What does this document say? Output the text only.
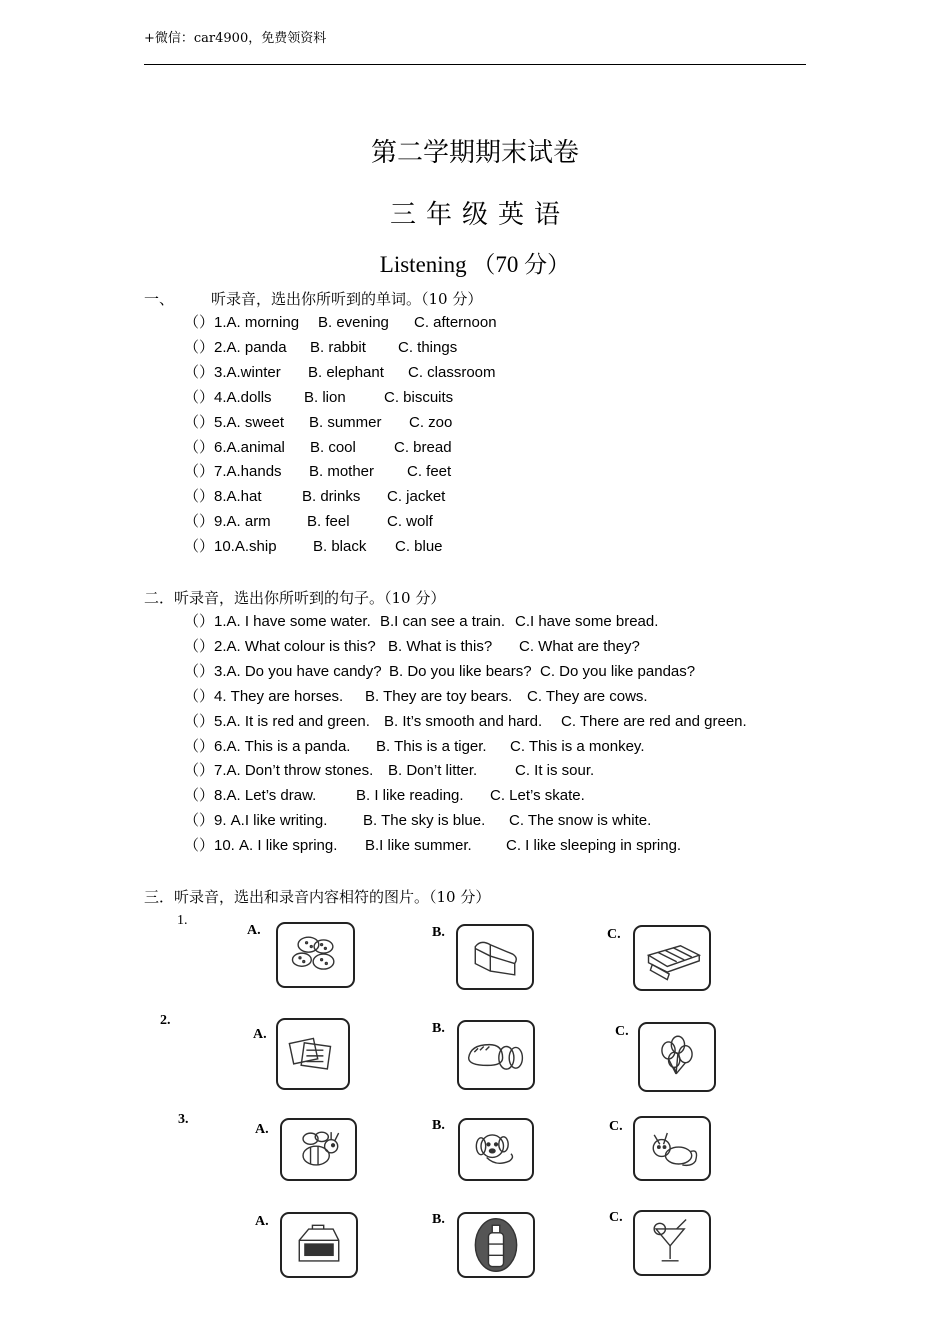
+微信：car4900，免费领资料
第二学期期末试卷
三年级英语
Listening （70 分）
一、 听录音，选出你所听到的单词。（10 分）
（）1.A. morning B. evening C. afternoon
（）2.A. panda B. rabbit C. things
（）3.A.winter B. elephant C. classroom
（）4.A.dolls B. lion	C. biscuits
（）5.A. sweet B. summer C. zoo
（）6.A.animal B. cool	C. bread
（）7.A.hands B. mother C. feet
（）8.A.hat	B. drinks C. jacket
（）9.A. arm B. feel C. wolf
（）10.A.ship B. black C. blue
二．听录音，选出你所听到的句子。（10 分）
（）1.A. I have some water. B.I can see a train. C.I have some bread.
（）2.A. What colour is this? B. What is this? C. What are they?
（）3.A. Do you have candy? B. Do you like bears? C. Do you like pandas?
（）4. They are horses. B. They are toy bears. C. They are cows.
（）5.A. It is red and green. B. It’s smooth and hard. C. There are red and green.
（）6.A. This is a panda. B. This is a tiger. C. This is a monkey.
（）7.A. Don’t throw stones. B. Don’t litter.	C. It is sour.
（）8.A. Let’s draw.	B. I like reading. C. Let’s skate.
（）9. A.I like writing. B. The sky is blue. C. The snow is white.
（）10. A. I like spring. B.I like summer. C. I like sleeping in spring.
三．听录音，选出和录音内容相符的图片。（10 分）
1.
A.	B.	C.
2.
A.	B.	C.
3.
A.	B.	C.
A.	B.	C.
